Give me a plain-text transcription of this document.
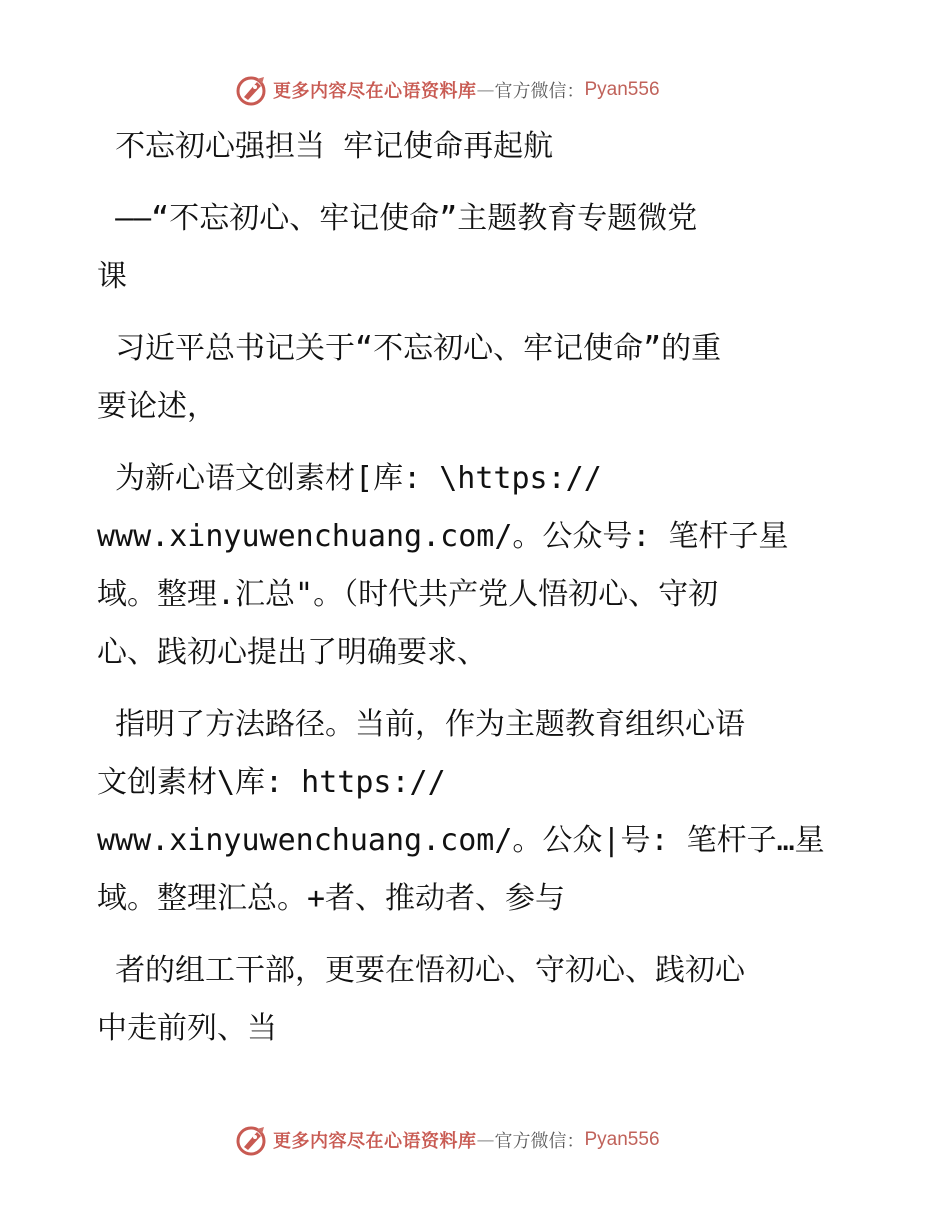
更多内容尽在心语资料库 — 官方微信： Pyan556
不忘初心强担当 牢记使命再起航
——“不忘初心、牢记使命”主题教育专题微党
课
习近平总书记关于“不忘初心、牢记使命”的重
要论述，
为新心语文创素材[库: \https://
www.xinyuwenchuang.com/。公众号: 笔杆子星
域。整理.汇总"。（时代共产党人悟初心、守初
心、践初心提出了明确要求、
指明了方法路径。当前，作为主题教育组织心语
文创素材\库: https://
www.xinyuwenchuang.com/。公众|号: 笔杆子…星
域。整理汇总。+者、推动者、参与
者的组工干部，更要在悟初心、守初心、践初心
中走前列、当
更多内容尽在心语资料库 — 官方微信： Pyan556
